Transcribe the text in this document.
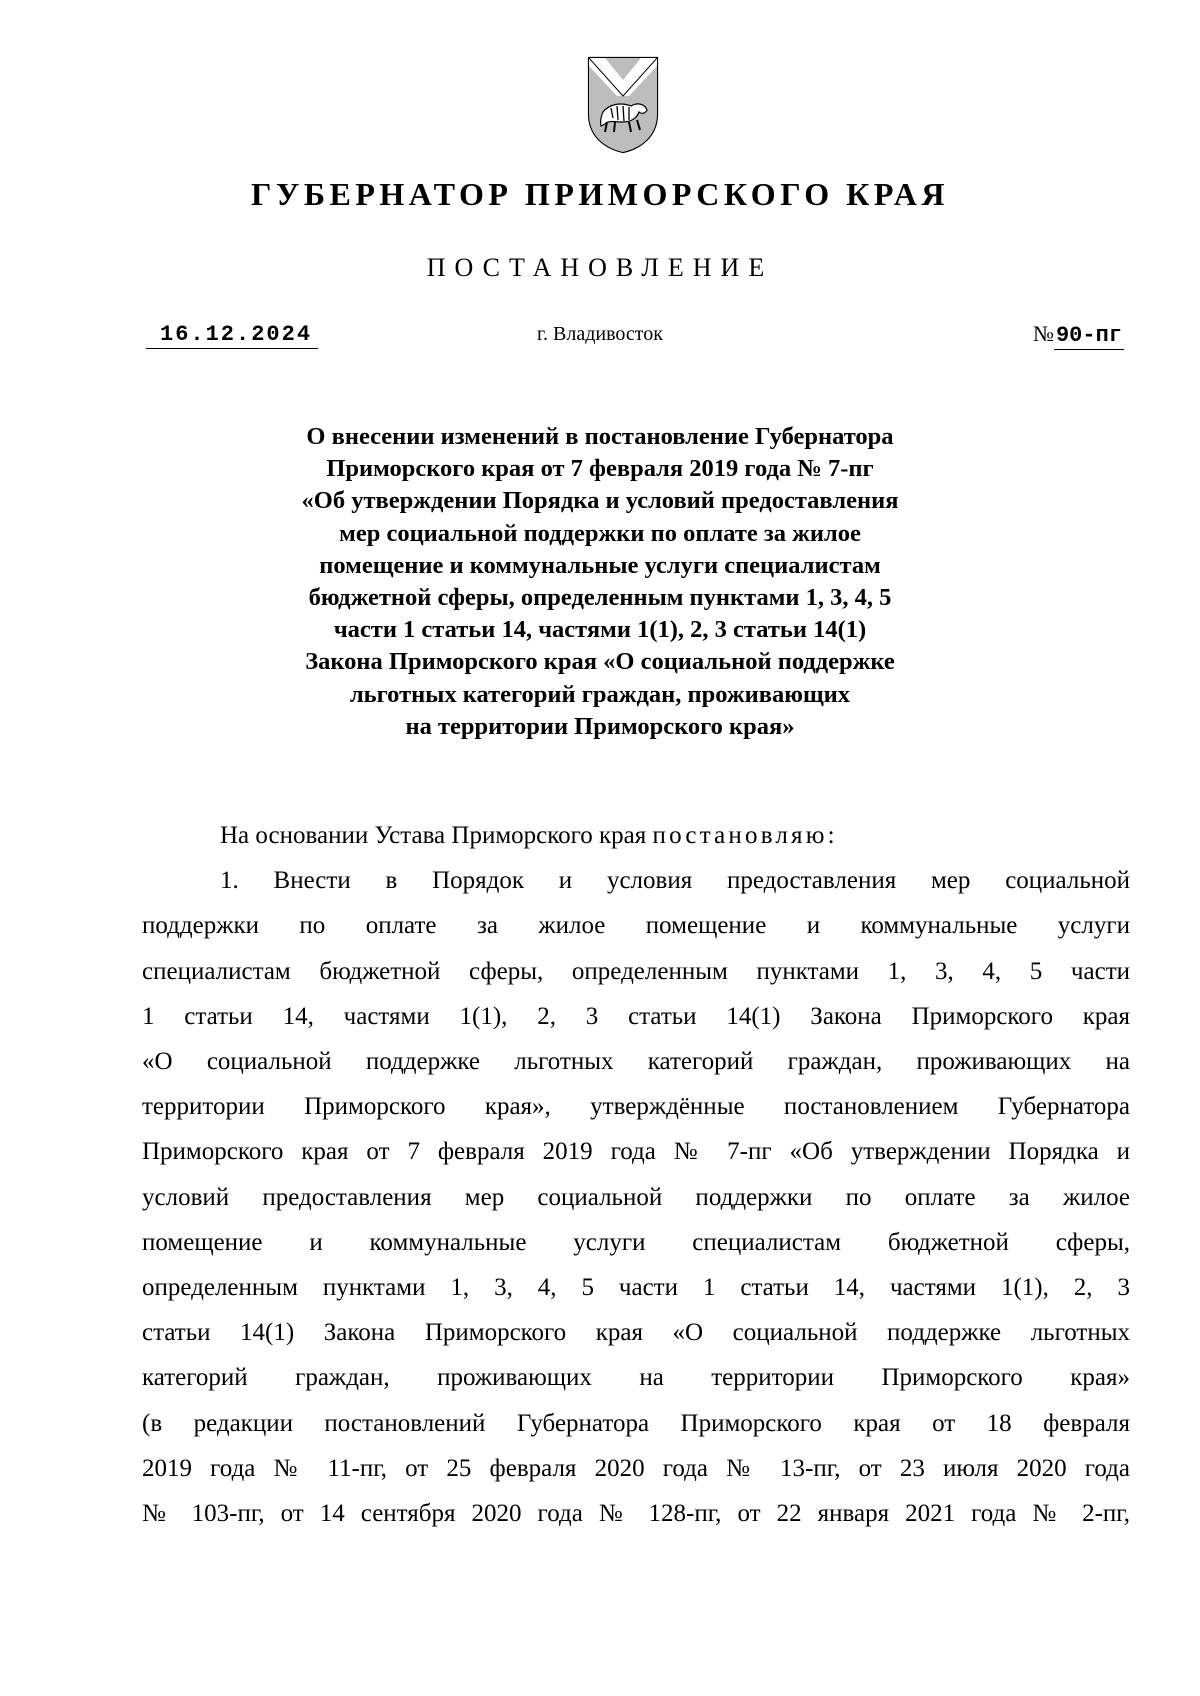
ГУБЕРНАТОР ПРИМОРСКОГО КРАЯ
ПОСТАНОВЛЕНИЕ
16.12.2024	г. Владивосток	№90-пг
О внесении изменений в постановление Губернатора
Приморского края от 7 февраля 2019 года № 7-пг
«Об утверждении Порядка и условий предоставления
мер социальной поддержки по оплате за жилое
помещение и коммунальные услуги специалистам
бюджетной сферы, определенным пунктами 1, 3, 4, 5
части 1 статьи 14, частями 1(1), 2, 3 статьи 14(1)
Закона Приморского края «О социальной поддержке
льготных категорий граждан, проживающих
на территории Приморского края»
На основании Устава Приморского края постановляю:
1. Внести в Порядок и условия предоставления мер социальной
поддержки по оплате за жилое помещение и коммунальные услуги
специалистам бюджетной сферы, определенным пунктами 1, 3, 4, 5 части
1 статьи 14, частями 1(1), 2, 3 статьи 14(1) Закона Приморского края
«О социальной поддержке льготных категорий граждан, проживающих на
территории Приморского края», утверждённые постановлением Губернатора
Приморского края от 7 февраля 2019 года № 7-пг «Об утверждении Порядка и
условий предоставления мер социальной поддержки по оплате за жилое
помещение и коммунальные услуги специалистам бюджетной сферы,
определенным пунктами 1, 3, 4, 5 части 1 статьи 14, частями 1(1), 2, 3
статьи 14(1) Закона Приморского края «О социальной поддержке льготных
категорий граждан, проживающих на территории Приморского края»
(в редакции постановлений Губернатора Приморского края от 18 февраля
2019 года № 11-пг, от 25 февраля 2020 года № 13-пг, от 23 июля 2020 года
№ 103-пг, от 14 сентября 2020 года № 128-пг, от 22 января 2021 года № 2-пг,
